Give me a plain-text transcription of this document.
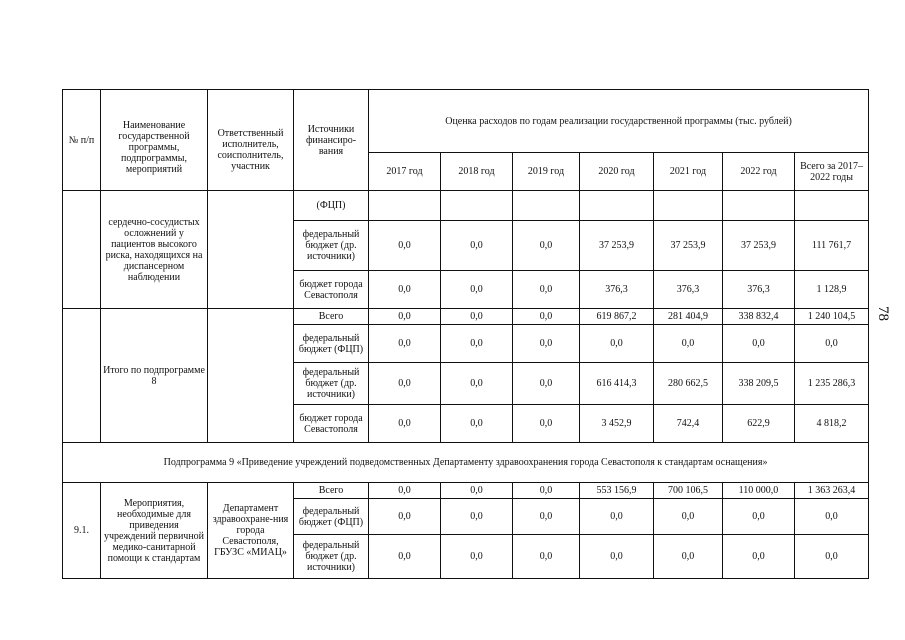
78
№ п/п	Наименование государственной программы, подпрограммы, мероприятий	Ответственный исполнитель, соисполнитель, участник	Источники финансиро-вания	Оценка расходов по годам реализации государственной программы (тыс. рублей)						
				2017 год	2018 год	2019 год	2020 год	2021 год	2022 год	Всего за 2017–2022 годы
	сердечно-сосудистых осложнений у пациентов высокого риска, находящихся на диспансерном наблюдении		(ФЦП)							
			федеральный бюджет (др. источники)	0,0	0,0	0,0	37 253,9	37 253,9	37 253,9	111 761,7
			бюджет города Севастополя	0,0	0,0	0,0	376,3	376,3	376,3	1 128,9
	Итого по подпрограмме 8		Всего	0,0	0,0	0,0	619 867,2	281 404,9	338 832,4	1 240 104,5
			федеральный бюджет (ФЦП)	0,0	0,0	0,0	0,0	0,0	0,0	0,0
			федеральный бюджет (др. источники)	0,0	0,0	0,0	616 414,3	280 662,5	338 209,5	1 235 286,3
			бюджет города Севастополя	0,0	0,0	0,0	3 452,9	742,4	622,9	4 818,2
Подпрограмма 9 «Приведение учреждений подведомственных Департаменту здравоохранения города Севастополя к стандартам оснащения»										
9.1.	Мероприятия, необходимые для приведения учреждений первичной медико-санитарной помощи к стандартам	Департамент здравоохране-ния города Севастополя, ГБУЗС «МИАЦ»	Всего	0,0	0,0	0,0	553 156,9	700 106,5	110 000,0	1 363 263,4
			федеральный бюджет (ФЦП)	0,0	0,0	0,0	0,0	0,0	0,0	0,0
			федеральный бюджет (др. источники)	0,0	0,0	0,0	0,0	0,0	0,0	0,0
